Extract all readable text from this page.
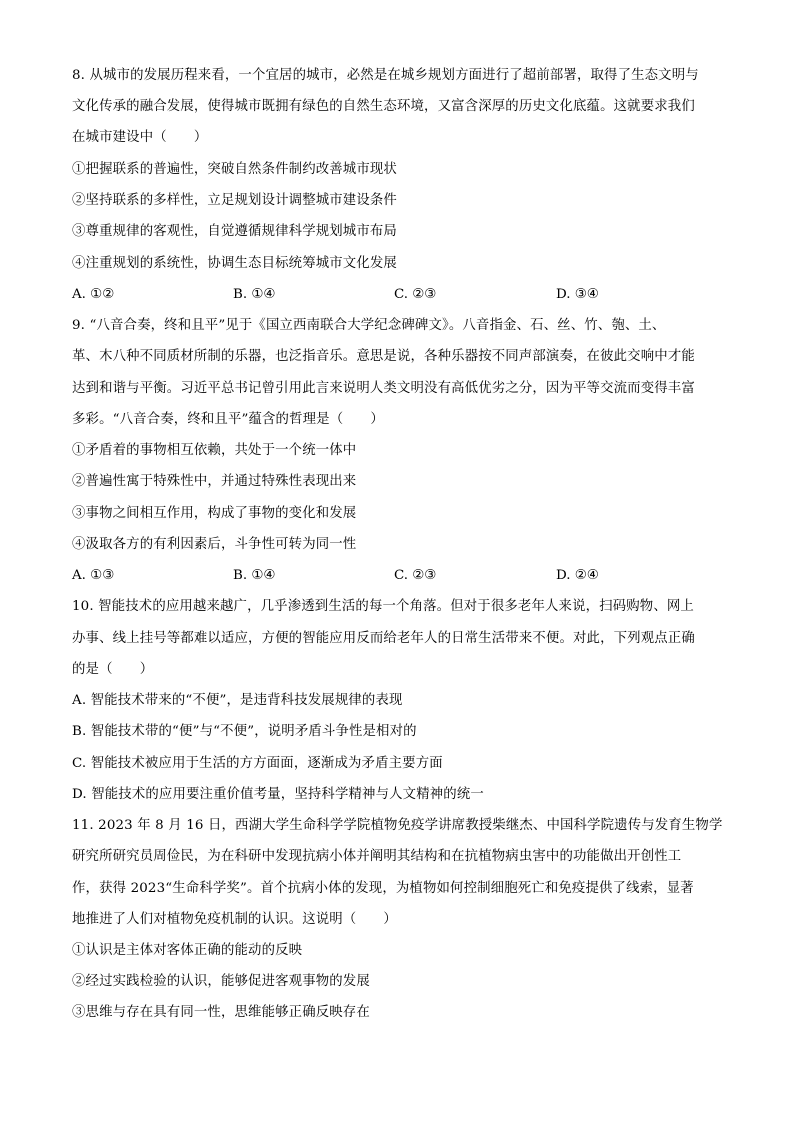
8. 从城市的发展历程来看，一个宜居的城市，必然是在城乡规划方面进行了超前部署，取得了生态文明与
文化传承的融合发展，使得城市既拥有绿色的自然生态环境，又富含深厚的历史文化底蕴。这就要求我们
在城市建设中（　　）
①把握联系的普遍性，突破自然条件制约改善城市现状
②坚持联系的多样性，立足规划设计调整城市建设条件
③尊重规律的客观性，自觉遵循规律科学规划城市布局
④注重规划的系统性，协调生态目标统筹城市文化发展
A. ①②	B. ①④	C. ②③	D. ③④
9. “八音合奏，终和且平”见于《国立西南联合大学纪念碑碑文》。八音指金、石、丝、竹、匏、土、
革、木八种不同质材所制的乐器，也泛指音乐。意思是说，各种乐器按不同声部演奏，在彼此交响中才能
达到和谐与平衡。习近平总书记曾引用此言来说明人类文明没有高低优劣之分，因为平等交流而变得丰富
多彩。“八音合奏，终和且平”蕴含的哲理是（　　）
①矛盾着的事物相互依赖，共处于一个统一体中
②普遍性寓于特殊性中，并通过特殊性表现出来
③事物之间相互作用，构成了事物的变化和发展
④汲取各方的有利因素后，斗争性可转为同一性
A. ①③	B. ①④	C. ②③	D. ②④
10. 智能技术的应用越来越广，几乎渗透到生活的每一个角落。但对于很多老年人来说，扫码购物、网上
办事、线上挂号等都难以适应，方便的智能应用反而给老年人的日常生活带来不便。对此，下列观点正确
的是（　　）
A. 智能技术带来的“不便”，是违背科技发展规律的表现
B. 智能技术带的“便”与“不便”，说明矛盾斗争性是相对的
C. 智能技术被应用于生活的方方面面，逐渐成为矛盾主要方面
D. 智能技术的应用要注重价值考量，坚持科学精神与人文精神的统一
11. 2023 年 8 月 16 日，西湖大学生命科学学院植物免疫学讲席教授柴继杰、中国科学院遗传与发育生物学
研究所研究员周俭民，为在科研中发现抗病小体并阐明其结构和在抗植物病虫害中的功能做出开创性工
作，获得 2023“生命科学奖”。首个抗病小体的发现，为植物如何控制细胞死亡和免疫提供了线索，显著
地推进了人们对植物免疫机制的认识。这说明（　　）
①认识是主体对客体正确的能动的反映
②经过实践检验的认识，能够促进客观事物的发展
③思维与存在具有同一性，思维能够正确反映存在
